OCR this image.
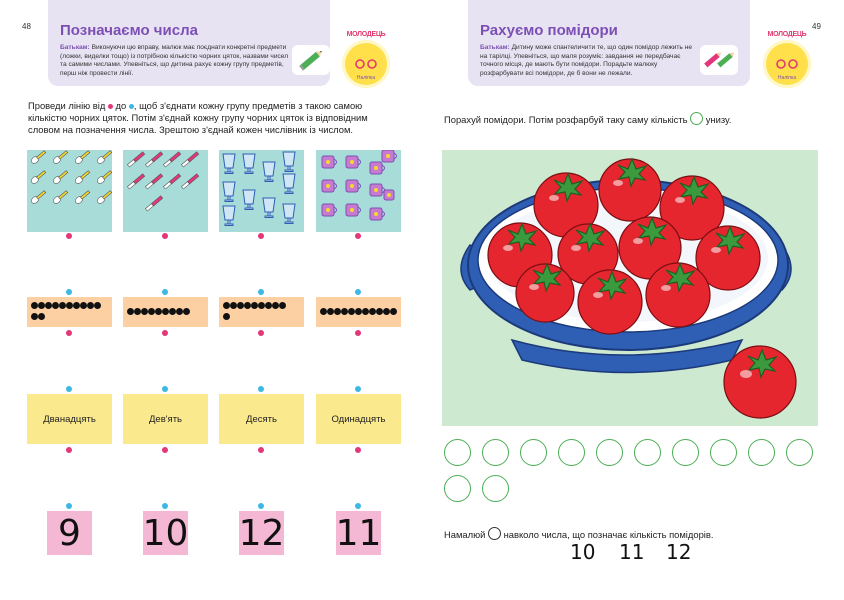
48 Позначаємо числа
Батькам: Виконуючи цю вправу, малюк має поєднати конкретні предмети (ложки, виделки тощо) із потрібною кількістю чорних цяток, назвами чисел та самими числами. Упевніться, що дитина рахує кожну групу предметів, перш ніж провести лінії.
МОЛОДЕЦЬ
Наліпка
Проведи лінію від  до , щоб з'єднати кожну групу предметів з такою самою кількістю чорних цяток. Потім з'єднай кожну групу чорних цяток із відповідним словом на позначення числа. Зрештою з'єднай кожен числівник із числом.
Дванадцять	Дев'ять	Десять	Одинадцять
9	10 12 11
Рахуємо помідори
Батькам: Дитину може спантеличити те, що один помідор лежить не на тарілці. Упевніться, що маля розуміє: завдання не передбачає точного місця, де мають бути помідори. Порадьте малюку розфарбувати всі помідори, де б вони не лежали.
49
МОЛОДЕЦЬ
Наліпка
Порахуй помідори. Потім розфарбуй таку саму кількість  унизу.
Намалюй  навколо числа, що позначає кількість помідорів.
10 11 12
